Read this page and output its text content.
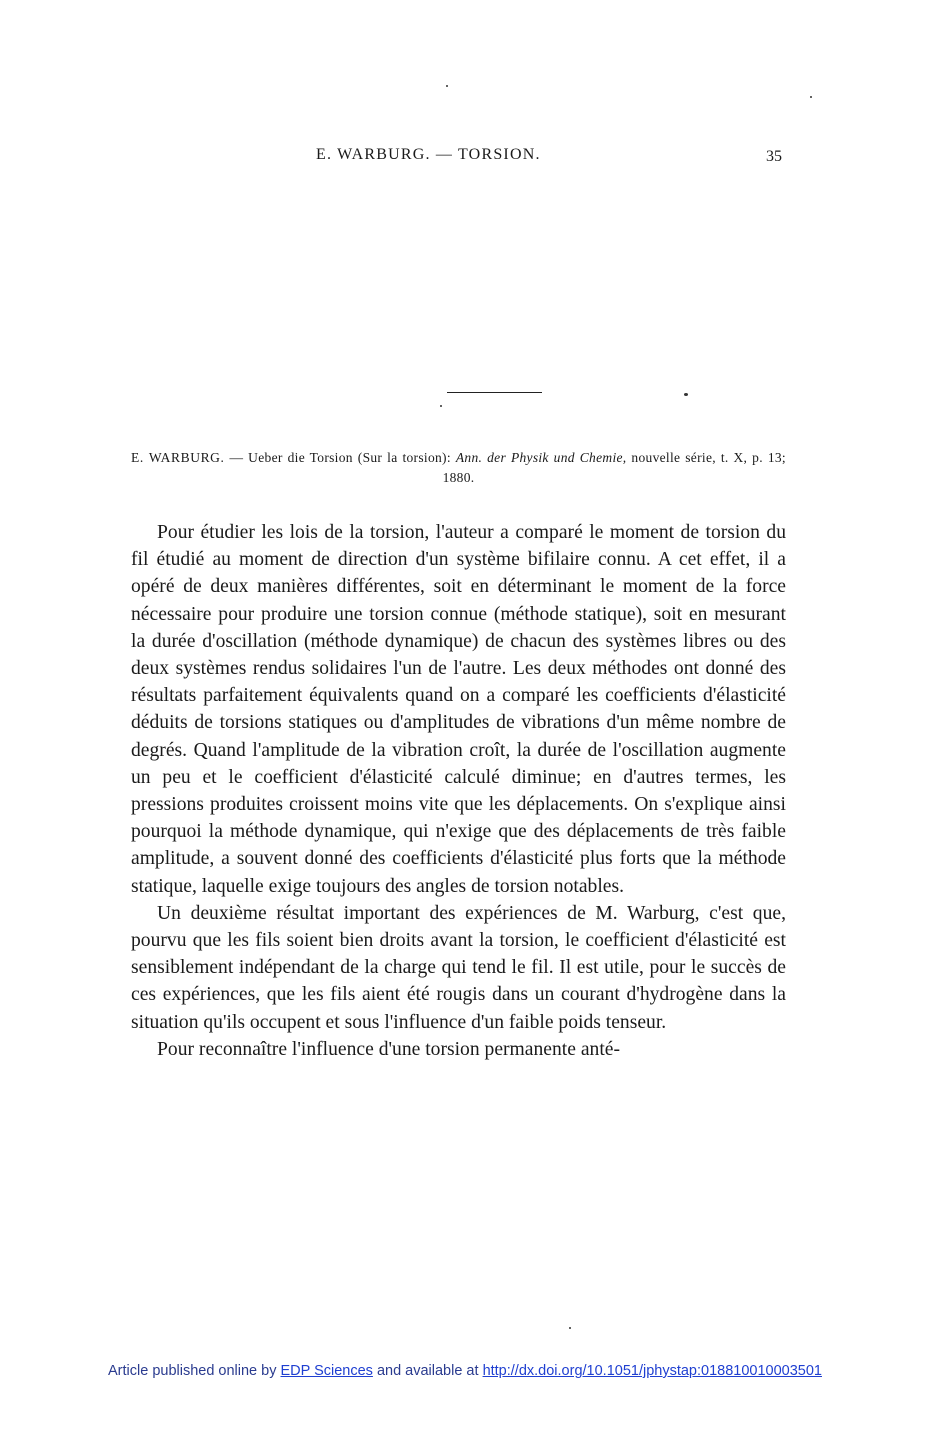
E. WARBURG. — TORSION.	35
E. WARBURG. — Ueber die Torsion (Sur la torsion): Ann. der Physik und Chemie, nouvelle série, t. X, p. 13; 1880.

Pour étudier les lois de la torsion, l'auteur a comparé le moment de torsion du fil étudié au moment de direction d'un système bifilaire connu. A cet effet, il a opéré de deux manières différentes, soit en déterminant le moment de la force nécessaire pour produire une torsion connue (méthode statique), soit en mesurant la durée d'oscillation (méthode dynamique) de chacun des systèmes libres ou des deux systèmes rendus solidaires l'un de l'autre. Les deux méthodes ont donné des résultats parfaitement équivalents quand on a comparé les coefficients d'élasticité déduits de torsions statiques ou d'amplitudes de vibrations d'un même nombre de degrés. Quand l'amplitude de la vibration croît, la durée de l'oscillation augmente un peu et le coefficient d'élasticité calculé diminue; en d'autres termes, les pressions produites croissent moins vite que les déplacements. On s'explique ainsi pourquoi la méthode dynamique, qui n'exige que des déplacements de très faible amplitude, a souvent donné des coefficients d'élasticité plus forts que la méthode statique, laquelle exige toujours des angles de torsion notables.

Un deuxième résultat important des expériences de M. Warburg, c'est que, pourvu que les fils soient bien droits avant la torsion, le coefficient d'élasticité est sensiblement indépendant de la charge qui tend le fil. Il est utile, pour le succès de ces expériences, que les fils aient été rougis dans un courant d'hydrogène dans la situation qu'ils occupent et sous l'influence d'un faible poids tenseur.

Pour reconnaître l'influence d'une torsion permanente anté-

Article published online by EDP Sciences and available at http://dx.doi.org/10.1051/jphystap:018810010003501
